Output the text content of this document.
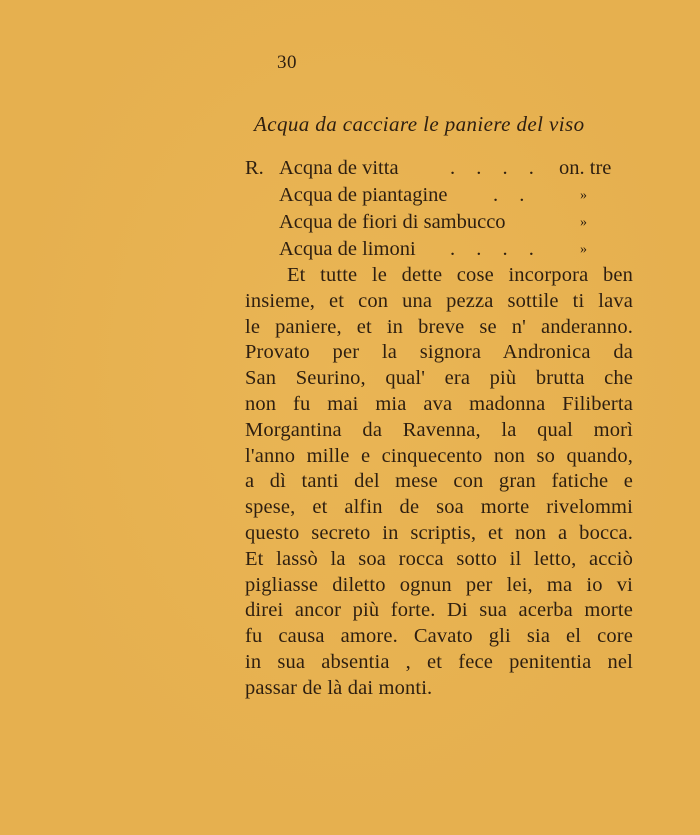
30
Acqua da cacciare le paniere del viso
R. Acqna de vitta	. . . . on. tre
Acqua de piantagine . .	»
Acqua de fiori di sambucco	»
Acqua de limoni . . . .	»
Et tutte le dette cose incorpora ben
insieme, et con una pezza sottile ti lava
le paniere, et in breve se n' anderanno.
Provato per la signora Andronica da
San Seurino, qual' era più brutta che
non fu mai mia ava madonna Filiberta
Morgantina da Ravenna, la qual morì
l'anno mille e cinquecento non so quando,
a dì tanti del mese con gran fatiche e
spese, et alfin de soa morte rivelommi
questo secreto in scriptis, et non a bocca.
Et lassò la soa rocca sotto il letto, acciò
pigliasse diletto ognun per lei, ma io vi
direi ancor più forte. Di sua acerba morte
fu causa amore. Cavato gli sia el core
in sua absentia , et fece penitentia nel
passar de là dai monti.
